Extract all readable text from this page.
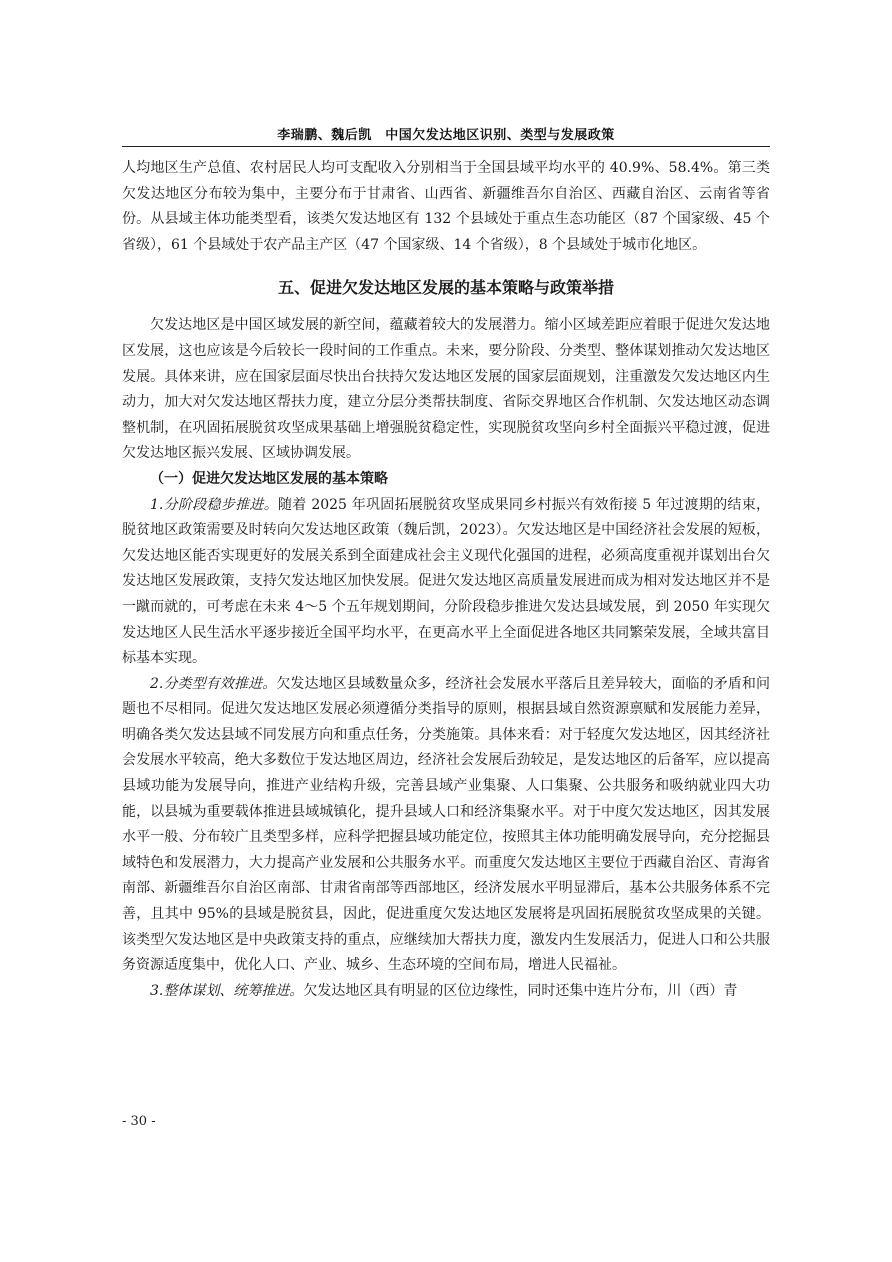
李瑞鹏、魏后凯　中国欠发达地区识别、类型与发展政策

人均地区生产总值、农村居民人均可支配收入分别相当于全国县域平均水平的 40.9%、58.4%。第三类欠发达地区分布较为集中，主要分布于甘肃省、山西省、新疆维吾尔自治区、西藏自治区、云南省等省份。从县域主体功能类型看，该类欠发达地区有 132 个县域处于重点生态功能区（87 个国家级、45 个省级），61 个县域处于农产品主产区（47 个国家级、14 个省级），8 个县域处于城市化地区。

五、促进欠发达地区发展的基本策略与政策举措

欠发达地区是中国区域发展的新空间，蕴藏着较大的发展潜力。缩小区域差距应着眼于促进欠发达地区发展，这也应该是今后较长一段时间的工作重点。未来，要分阶段、分类型、整体谋划推动欠发达地区发展。具体来讲，应在国家层面尽快出台扶持欠发达地区发展的国家层面规划，注重激发欠发达地区内生动力，加大对欠发达地区帮扶力度，建立分层分类帮扶制度、省际交界地区合作机制、欠发达地区动态调整机制，在巩固拓展脱贫攻坚成果基础上增强脱贫稳定性，实现脱贫攻坚向乡村全面振兴平稳过渡，促进欠发达地区振兴发展、区域协调发展。

（一）促进欠发达地区发展的基本策略

1.分阶段稳步推进。随着 2025 年巩固拓展脱贫攻坚成果同乡村振兴有效衔接 5 年过渡期的结束，脱贫地区政策需要及时转向欠发达地区政策（魏后凯，2023）。欠发达地区是中国经济社会发展的短板，欠发达地区能否实现更好的发展关系到全面建成社会主义现代化强国的进程，必须高度重视并谋划出台欠发达地区发展政策，支持欠发达地区加快发展。促进欠发达地区高质量发展进而成为相对发达地区并不是一蹴而就的，可考虑在未来 4～5 个五年规划期间，分阶段稳步推进欠发达县域发展，到 2050 年实现欠发达地区人民生活水平逐步接近全国平均水平，在更高水平上全面促进各地区共同繁荣发展，全域共富目标基本实现。

2.分类型有效推进。欠发达地区县域数量众多，经济社会发展水平落后且差异较大，面临的矛盾和问题也不尽相同。促进欠发达地区发展必须遵循分类指导的原则，根据县域自然资源禀赋和发展能力差异，明确各类欠发达县域不同发展方向和重点任务，分类施策。具体来看：对于轻度欠发达地区，因其经济社会发展水平较高，绝大多数位于发达地区周边，经济社会发展后劲较足，是发达地区的后备军，应以提高县域功能为发展导向，推进产业结构升级，完善县域产业集聚、人口集聚、公共服务和吸纳就业四大功能，以县城为重要载体推进县域城镇化，提升县域人口和经济集聚水平。对于中度欠发达地区，因其发展水平一般、分布较广且类型多样，应科学把握县域功能定位，按照其主体功能明确发展导向，充分挖掘县域特色和发展潜力，大力提高产业发展和公共服务水平。而重度欠发达地区主要位于西藏自治区、青海省南部、新疆维吾尔自治区南部、甘肃省南部等西部地区，经济发展水平明显滞后，基本公共服务体系不完善，且其中 95%的县域是脱贫县，因此，促进重度欠发达地区发展将是巩固拓展脱贫攻坚成果的关键。该类型欠发达地区是中央政策支持的重点，应继续加大帮扶力度，激发内生发展活力，促进人口和公共服务资源适度集中，优化人口、产业、城乡、生态环境的空间布局，增进人民福祉。

3.整体谋划、统筹推进。欠发达地区具有明显的区位边缘性，同时还集中连片分布，川（西）青

- 30 -
